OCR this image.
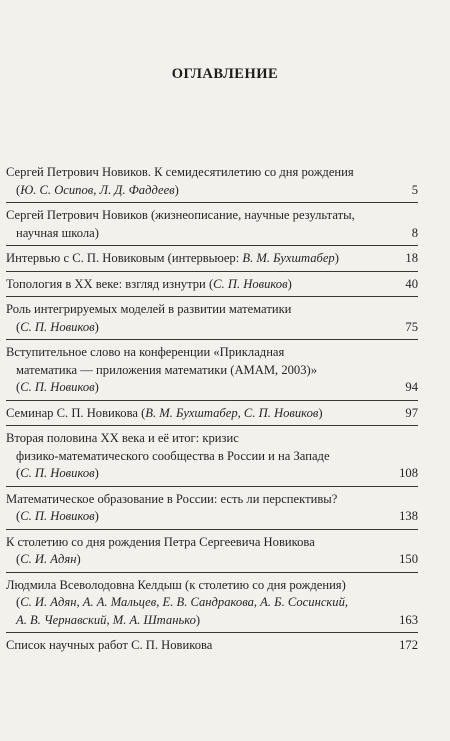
ОГЛАВЛЕНИЕ
Сергей Петрович Новиков. К семидесятилетию со дня рождения
(Ю. С. Осипов, Л. Д. Фаддеев)	5
Сергей Петрович Новиков (жизнеописание, научные результаты,
научная школа)	8
Интервью с С. П. Новиковым (интервьюер: В. М. Бухштабер)	18
Топология в XX веке: взгляд изнутри (С. П. Новиков)	40
Роль интегрируемых моделей в развитии математики
(С. П. Новиков)	75
Вступительное слово на конференции «Прикладная
математика — приложения математики (АМАМ, 2003)»
(С. П. Новиков)	94
Семинар С. П. Новикова (В. М. Бухштабер, С. П. Новиков)	97
Вторая половина XX века и её итог: кризис
физико-математического сообщества в России и на Западе
(С. П. Новиков)	108
Математическое образование в России: есть ли перспективы?
(С. П. Новиков)	138
К столетию со дня рождения Петра Сергеевича Новикова
(С. И. Адян)	150
Людмила Всеволодовна Келдыш (к столетию со дня рождения)
(С. И. Адян, А. А. Мальцев, Е. В. Сандракова, А. Б. Сосинский,
А. В. Чернавский, М. А. Штанько)	163
Список научных работ С. П. Новикова	172
